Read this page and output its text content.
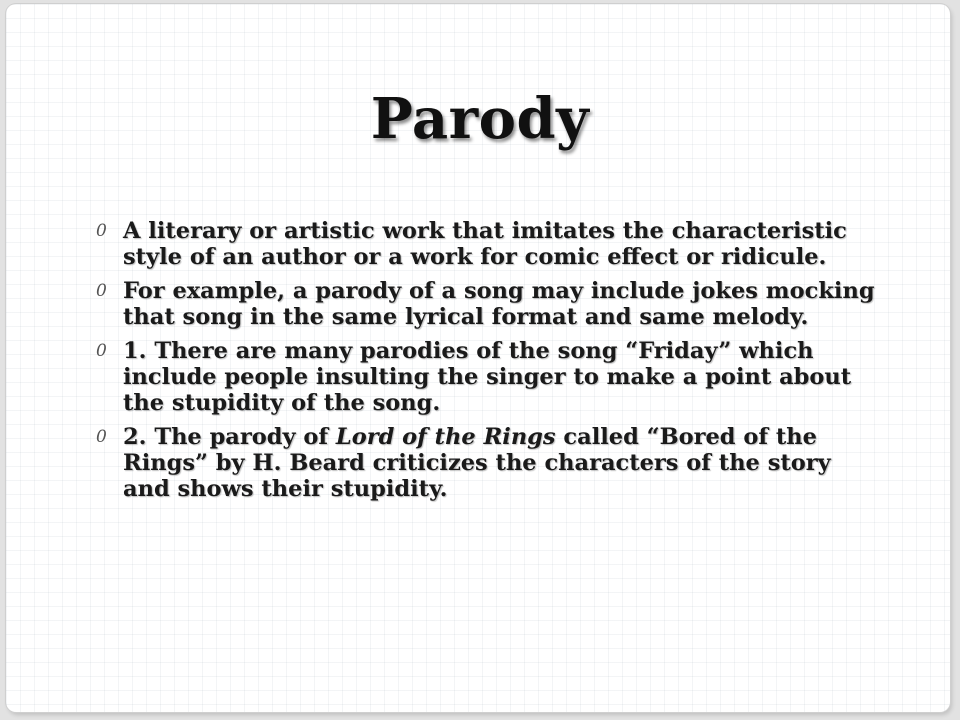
Parody
0 A literary or artistic work that imitates the characteristic style of an author or a work for comic effect or ridicule.
0 For example, a parody of a song may include jokes mocking that song in the same lyrical format and same melody.
0 1. There are many parodies of the song “Friday” which include people insulting the singer to make a point about the stupidity of the song.
0 2. The parody of Lord of the Rings called “Bored of the Rings” by H. Beard criticizes the characters of the story and shows their stupidity.
